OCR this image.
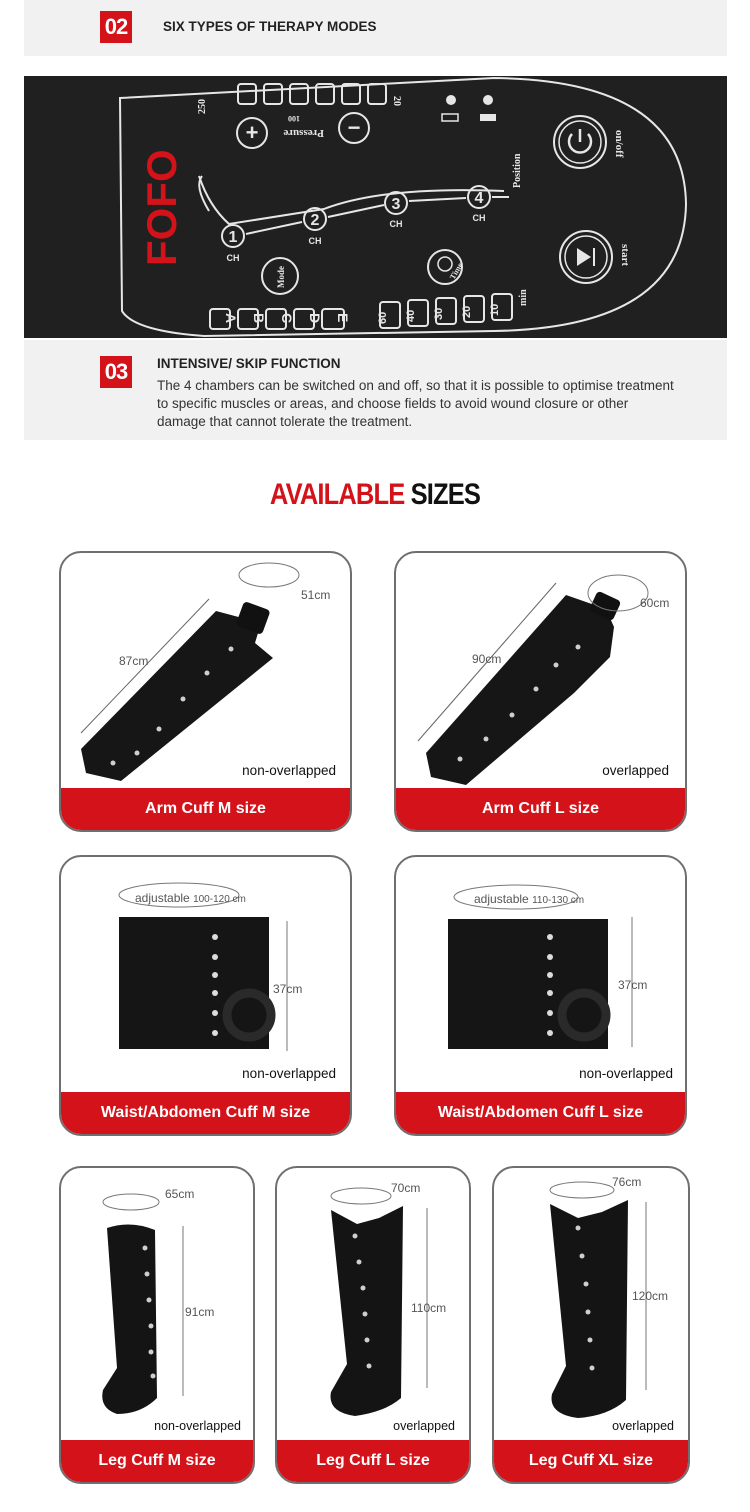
02	SIX TYPES OF THERAPY MODES
+	−
FOFO
250	20
100
Pressure
Position
on/off
start
Mode	Time
min
1
2
3	4
CH
CH
CH
CH
A B C D E 60 40 30 20 10
03	INTENSIVE/ SKIP FUNCTION
The 4 chambers can be switched on and off, so that it is possible to optimise treatment to specific muscles or areas, and choose fields to avoid wound closure or other damage that cannot tolerate the treatment.
AVAILABLE SIZES
87cm
51cm
non-overlapped
Arm Cuff M size
90cm
60cm
overlapped
Arm Cuff L size
adjustable 100-120 cm
37cm
non-overlapped
Waist/Abdomen Cuff M size
adjustable 110-130 cm
37cm
non-overlapped
Waist/Abdomen Cuff L size
65cm
91cm
non-overlapped
Leg Cuff M size
70cm
110cm
overlapped
Leg Cuff L size
76cm
120cm
overlapped
Leg Cuff XL size
